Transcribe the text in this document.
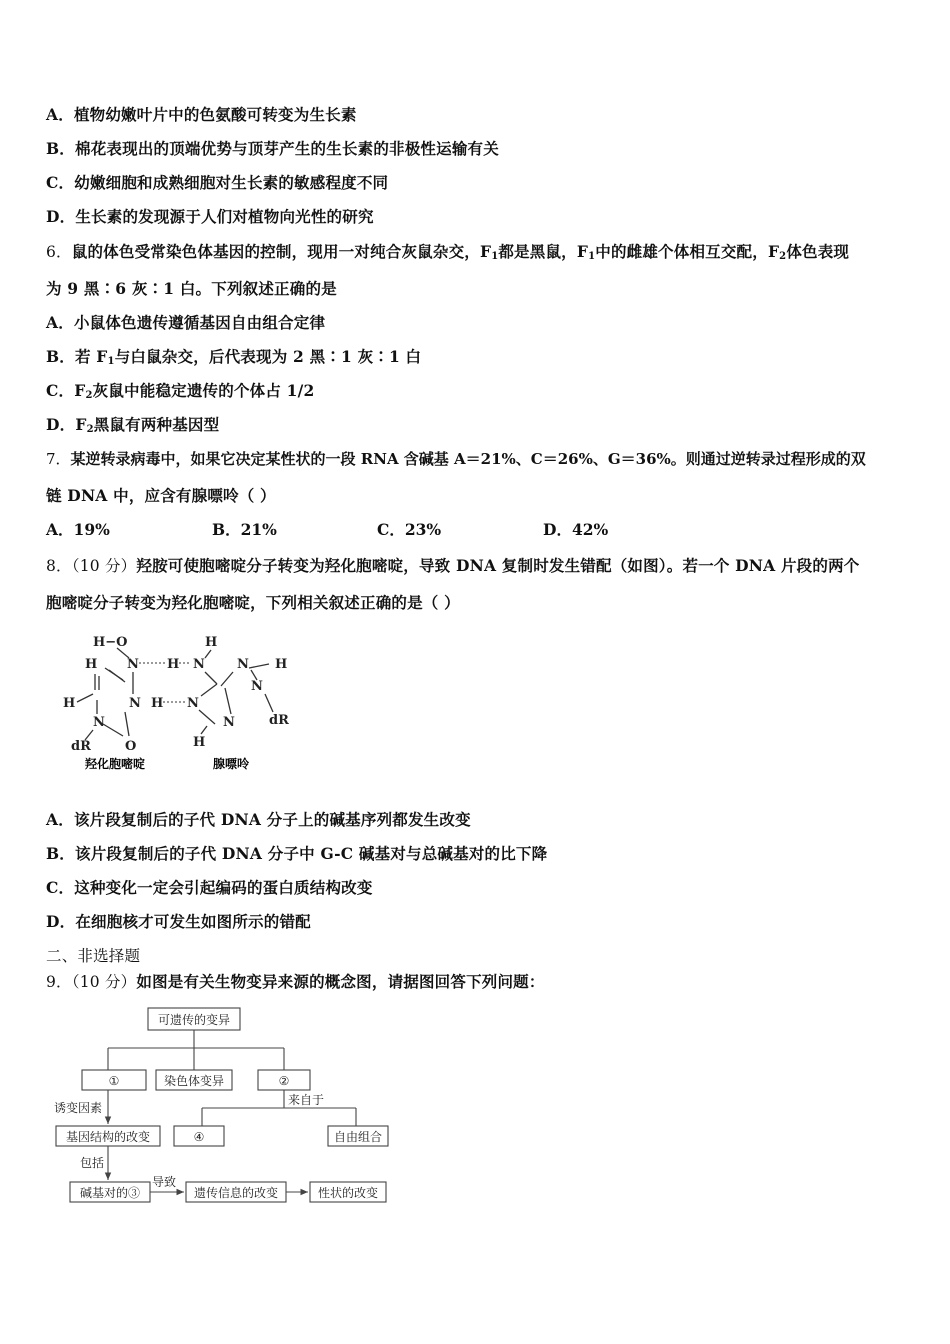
A．植物幼嫩叶片中的色氨酸可转变为生长素
B．棉花表现出的顶端优势与顶芽产生的生长素的非极性运输有关
C．幼嫩细胞和成熟细胞对生长素的敏感程度不同
D．生长素的发现源于人们对植物向光性的研究
6．鼠的体色受常染色体基因的控制，现用一对纯合灰鼠杂交，$F_1$都是黑鼠，$F_1$中的雌雄个体相互交配，$F_2$体色表现
为 9 黑∶6 灰∶1 白。下列叙述正确的是
A．小鼠体色遗传遵循基因自由组合定律
B．若 $F_1$与白鼠杂交，后代表现为 2 黑∶1 灰∶1 白
C．$F_2$灰鼠中能稳定遗传的个体占 1/2
D．$F_2$黑鼠有两种基因型
7．某逆转录病毒中，如果它决定某性状的一段 RNA 含碱基 A＝21%、C＝26%、G＝36%。则通过逆转录过程形成的双
链 DNA 中，应含有腺嘌呤（ ）
A．19%	B．21%	C．23%	D．42%
8．（10 分）羟胺可使胞嘧啶分子转变为羟化胞嘧啶，导致 DNA 复制时发生错配（如图）。若一个 DNA 片段的两个
胞嘧啶分子转变为羟化胞嘧啶，下列相关叙述正确的是（ ）
H−O
N
H
N
H
N
O
dR
H
H
H
N
N
H
N H
N
N	dR
羟化胞嘧啶	腺嘌呤
A．该片段复制后的子代 DNA 分子上的碱基序列都发生改变
B．该片段复制后的子代 DNA 分子中 G-C 碱基对与总碱基对的比下降
C．这种变化一定会引起编码的蛋白质结构改变
D．在细胞核才可发生如图所示的错配
二、非选择题
9．（10 分）如图是有关生物变异来源的概念图，请据图回答下列问题：
可遗传的变异
①	染色体变异	②
来自于
④	自由组合
诱变因素
基因结构的改变
包括
碱基对的③
导致
遗传信息的改变	性状的改变
